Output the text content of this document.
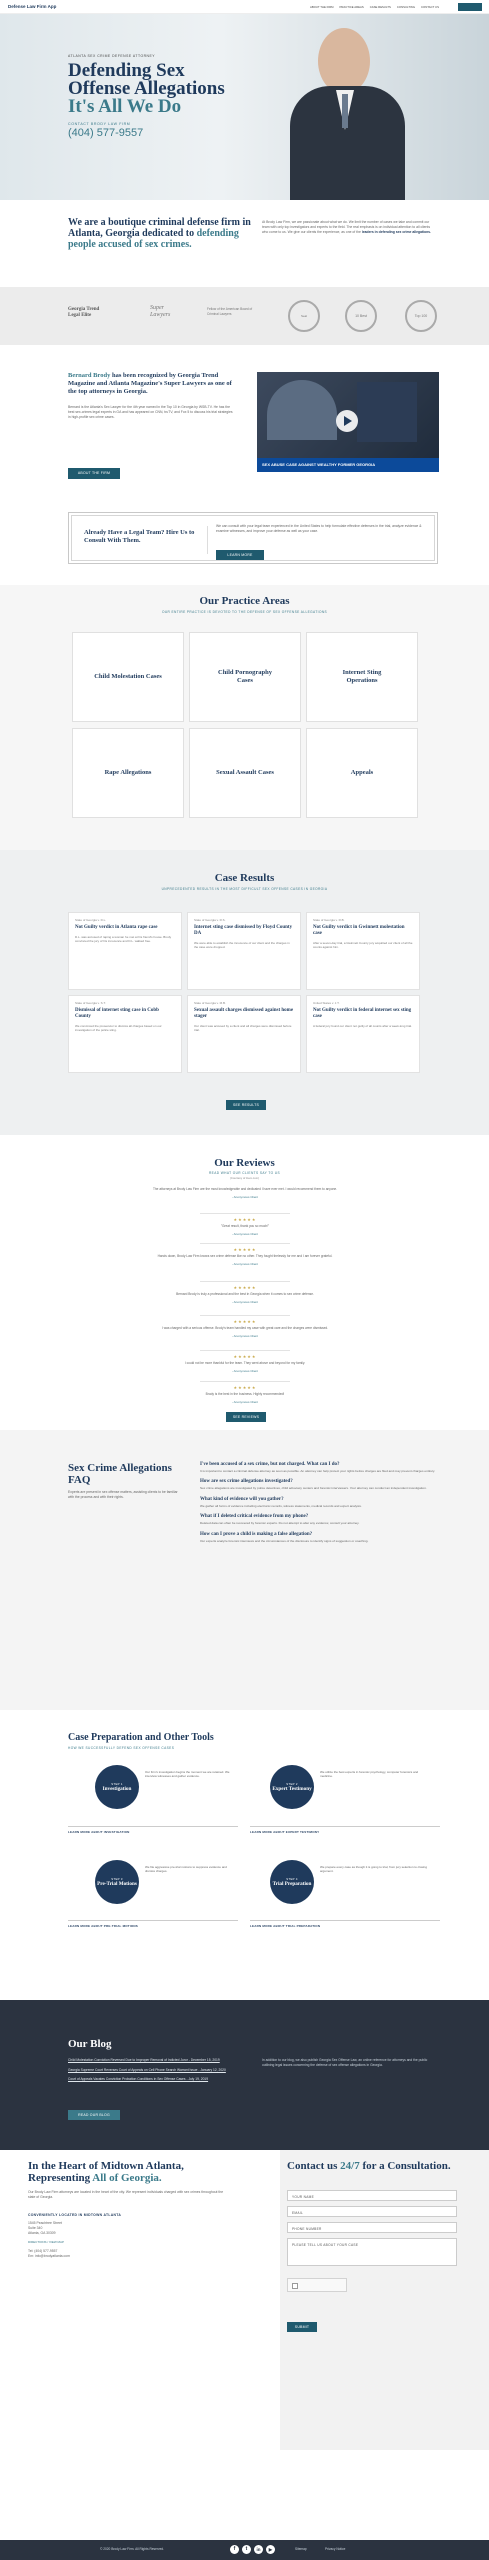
Defense Law Firm App	ABOUT THE FIRM PRACTICE AREAS CASE RESULTS CONSULTING CONTACT US
ATLANTA SEX CRIME DEFENSE ATTORNEY
Defending Sex
Offense Allegations
It's All We Do
CONTACT BRODY LAW FIRM
(404) 577-9557
We are a boutique criminal defense firm in Atlanta, Georgia dedicated to defending people accused of sex crimes.
At Brody Law Firm, we are passionate about what we do. We limit the number of cases we take and commit our team with only top investigators and experts to the field. The real emphasis is on individual attention to all clients who come to us. We give our clients the experience, as one of the leaders in defending sex crime allegations.
Georgia Trend Legal Elite
Super Lawyers
Fellow of the American Board of Criminal Lawyers
Seal	10 Best	Top 100
Bernard Brody has been recognized by Georgia Trend Magazine and Atlanta Magazine's Super Lawyers as one of the top attorneys in Georgia.
Bernard is the Atlanta's Sex Lawyer for the 4th year named in the Top 10 in Georgia by WSB-TV. He has the best sex-crimes legal experts in GA and has appeared on CNN, truTV, and Fox 5 to discuss his trial strategies in high-profile sex crime cases.
ABOUT THE FIRM
SEX ABUSE CASE AGAINST WEALTHY FORMER GEORGIA
Already Have a Legal Team? Hire Us to Consult With Them.
We can consult with your legal team experienced in the United States to help formulate effective defenses in the trial, analyze evidence & examine witnesses, and improve your defense as well as your case.
LEARN MORE
Our Practice Areas
OUR ENTIRE PRACTICE IS DEVOTED TO THE DEFENSE OF SEX OFFENSE ALLEGATIONS
Child Molestation Cases
Child Pornography Cases
Internet Sting Operations
Rape Allegations	Sexual Assault Cases	Appeals
Case Results
UNPRECEDENTED RESULTS IN THE MOST DIFFICULT SEX OFFENSE CASES IN GEORGIA
State of Georgia v. D.L.
Not Guilty verdict in Atlanta rape case
D.L. was accused of raping a woman he met at his friend's house. Brody convinced the jury of his innocence and D.L. walked free.
State of Georgia v. R.S.
Internet sting case dismissed by Floyd County DA
We were able to establish the innocence of our client and the charges in the case were dropped.
State of Georgia v. R.B.
Not Guilty verdict in Gwinnett molestation case
After a seven-day trial, a Gwinnett County jury acquitted our client of all the counts against him.
State of Georgia v. S.T.
Dismissal of internet sting case in Cobb County
We convinced the prosecutor to dismiss all charges based on our investigation of the police sting.
State of Georgia v. M.B.
Sexual assault charges dismissed against home stager
Our client was accused by a client and all charges were dismissed before trial.
United States v. J.T.
Not Guilty verdict in federal internet sex sting case
A federal jury found our client not guilty of all counts after a week-long trial.
SEE RESULTS
Our Reviews
READ WHAT OUR CLIENTS SAY TO US
(Courtesy of Avvo.com)
The attorneys at Brody Law Firm are the most knowledgeable and dedicated I have ever met. I would recommend them to anyone.
- Anonymous Client
★★★★★
"Great result, thank you so much!"
- Anonymous Client
★★★★★
Hands down, Brody Law Firm knows sex crime defense like no other. They fought tirelessly for me and I am forever grateful.
- Anonymous Client
★★★★★
Bernard Brody is truly a professional and the best in Georgia when it comes to sex crime defense.
- Anonymous Client
★★★★★
I was charged with a serious offense. Brody's team handled my case with great care and the charges were dismissed.
- Anonymous Client
★★★★★
I could not be more thankful for the team. They went above and beyond for my family.
- Anonymous Client
★★★★★
Brody is the best in the business. Highly recommended!
- Anonymous Client
SEE REVIEWS
Sex Crime Allegations FAQ
Experts are present in sex offense matters, assisting clients to be familiar with the process and with their rights.
I've been accused of a sex crime, but not charged. What can I do?
It is important to contact a criminal defense attorney as soon as possible. An attorney can help protect your rights before charges are filed and may prevent charges entirely.
How are sex crime allegations investigated?
Sex crime allegations are investigated by police detectives, child advocacy centers and forensic interviewers. Your attorney can conduct an independent investigation.
What kind of evidence will you gather?
We gather all forms of evidence including electronic records, witness statements, medical records and expert analysis.
What if I deleted critical evidence from my phone?
Deleted data can often be recovered by forensic experts. Do not attempt to alter any evidence; consult your attorney.
How can I prove a child is making a false allegation?
Our experts analyze forensic interviews and the circumstances of the disclosure to identify signs of suggestion or coaching.
Case Preparation and Other Tools
HOW WE SUCCESSFULLY DEFEND SEX OFFENSE CASES
STEP 1
Investigation
Our firm's investigation begins the moment we are retained. We interview witnesses and gather evidence.
LEARN MORE ABOUT INVESTIGATION
STEP 2
Expert Testimony
We utilize the best experts in forensic psychology, computer forensics and medicine.
LEARN MORE ABOUT EXPERT TESTIMONY
STEP 3
Pre-Trial Motions
We file aggressive pre-trial motions to suppress evidence and dismiss charges.
LEARN MORE ABOUT PRE-TRIAL MOTIONS
STEP 4
Trial Preparation
We prepare every case as though it is going to trial, from jury selection to closing argument.
LEARN MORE ABOUT TRIAL PREPARATION
Our Blog
Child Molestation Conviction Reversed Due to Improper Removal of Indicted Juror - December 15, 2019
Georgia Supreme Court Reverses Court of Appeals on Cell Phone Search Warrant Issue - January 12, 2020
Court of Appeals Vacates Conviction Probation Conditions in Sex Offense Cases - July 19, 2019
READ OUR BLOG
In addition to our blog, we also publish Georgia Sex Offense Law, an online reference for attorneys and the public outlining legal issues concerning the defense of sex offense allegations in Georgia.
In the Heart of Midtown Atlanta, Representing All of Georgia.
Our Brody Law Firm attorneys are located in the heart of the city. We represent individuals charged with sex crimes throughout the state of Georgia.
CONVENIENTLY LOCATED IN MIDTOWN ATLANTA
1545 Peachtree Street
Suite 340
Atlanta, GA 30309
DIRECTIONS / VIEW MAP
Tel: (404) 577-9557
Em: info@brodyatlanta.com
Contact us 24/7 for a Consultation.
YOUR NAME
EMAIL
PHONE NUMBER
PLEASE TELL US ABOUT YOUR CASE
SUBMIT
© 2020 Brody Law Firm. All Rights Reserved.	f	t	in	▶	Sitemap	Privacy Notice
